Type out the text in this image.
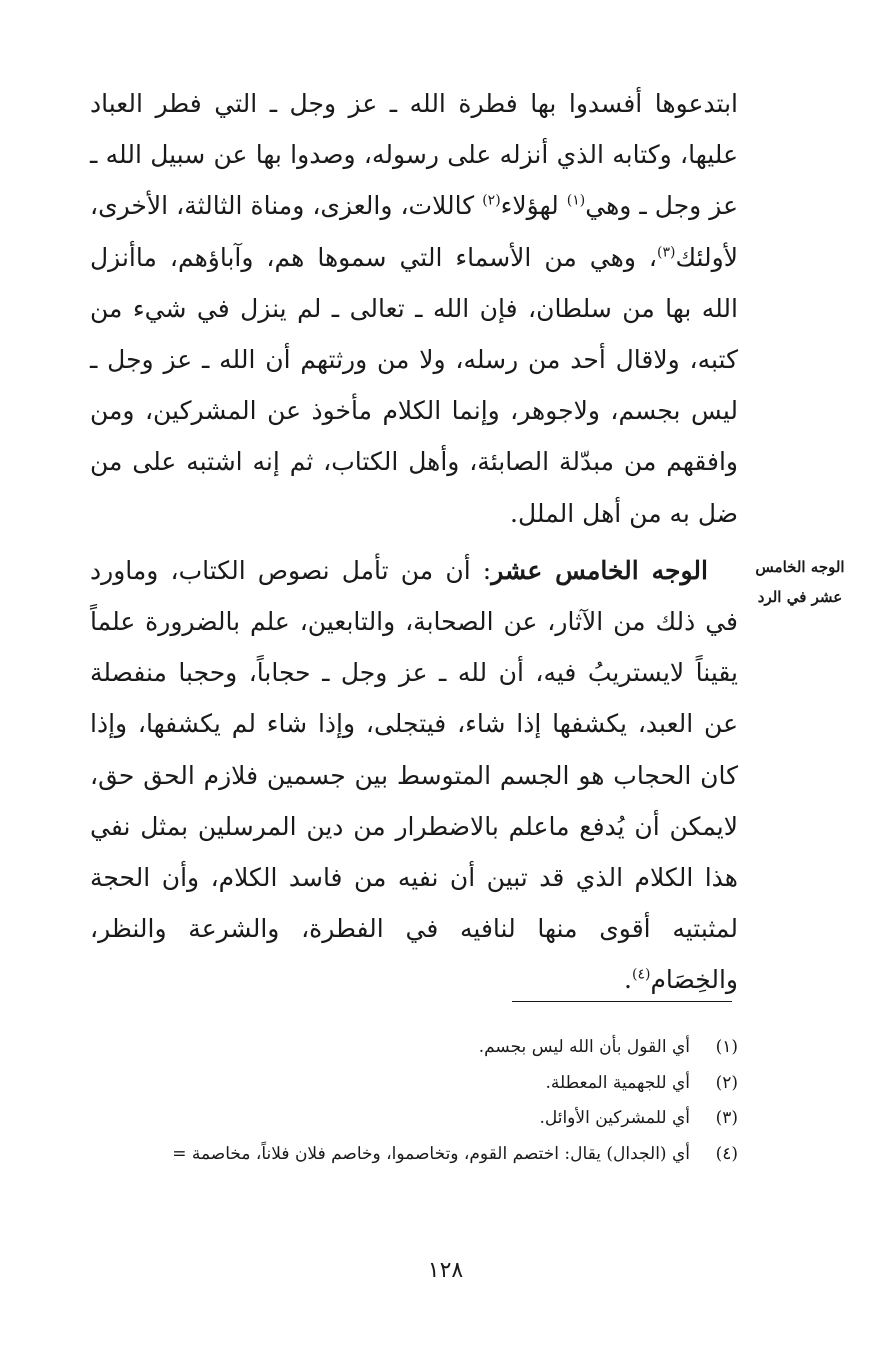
ابتدعوها أفسدوا بها فطرة الله ـ عز وجل ـ التي فطر العباد عليها، وكتابه الذي أنزله على رسوله، وصدوا بها عن سبيل الله ـ عز وجل ـ وهي$^{(١)}$ لهؤلاء$^{(٢)}$ كاللات، والعزى، ومناة الثالثة، الأخرى، لأولئك$^{(٣)}$، وهي من الأسماء التي سموها هم، وآباؤهم، ماأنزل الله بها من سلطان، فإن الله ـ تعالى ـ لم ينزل في شيء من كتبه، ولاقال أحد من رسله، ولا من ورثتهم أن الله ـ عز وجل ـ ليس بجسم، ولاجوهر، وإنما الكلام مأخوذ عن المشركين، ومن وافقهم من مبدّلة الصابئة، وأهل الكتاب، ثم إنه اشتبه على من ضل به من أهل الملل.

الوجه الخامس عشر: أن من تأمل نصوص الكتاب، وماورد في ذلك من الآثار، عن الصحابة، والتابعين، علم بالضرورة علماً يقيناً لايستريبُ فيه، أن لله ـ عز وجل ـ حجاباً، وحجبا منفصلة عن العبد، يكشفها إذا شاء، فيتجلى، وإذا شاء لم يكشفها، وإذا كان الحجاب هو الجسم المتوسط بين جسمين فلازم الحق حق، لايمكن أن يُدفع ماعلم بالاضطرار من دين المرسلين بمثل نفي هذا الكلام الذي قد تبين أن نفيه من فاسد الكلام، وأن الحجة لمثبتيه أقوى منها لنافيه في الفطرة، والشرعة والنظر، والخِصَام$^{(٤)}$.

الوجه الخامس
عشر في الرد
(١)
أي القول بأن الله ليس بجسم.
(٢)
أي للجهمية المعطلة.
(٣)
أي للمشركين الأوائل.
(٤)
أي (الجدال) يقال: اختصم القوم، وتخاصموا، وخاصم فلان فلاناً، مخاصمة =
١٢٨
